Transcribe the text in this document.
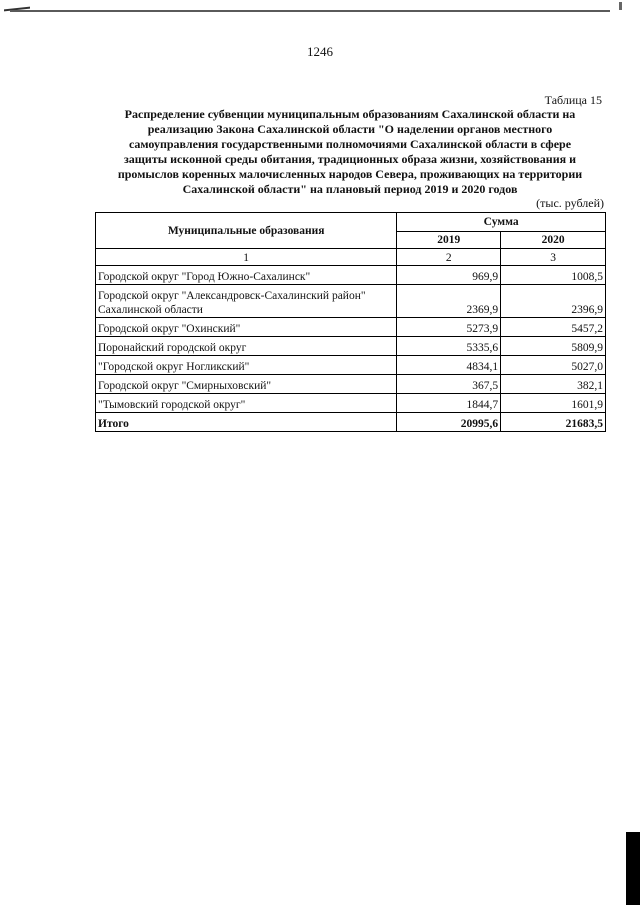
1246
Таблица 15
Распределение субвенции муниципальным образованиям Сахалинской области на
реализацию Закона Сахалинской области "О наделении органов местного
самоуправления государственными полномочиями Сахалинской области в сфере
защиты исконной среды обитания, традиционных образа жизни, хозяйствования и
промыслов коренных малочисленных народов Севера, проживающих на территории
Сахалинской области" на плановый период 2019 и 2020 годов
(тыс. рублей)
Муниципальные образования	Сумма	
	2019	2020
1	2	3
Городской округ "Город Южно-Сахалинск"	969,9	1008,5
Городской округ "Александровск-Сахалинский район" Сахалинской области	2369,9	2396,9
Городской округ "Охинский"	5273,9	5457,2
Поронайский городской округ	5335,6	5809,9
"Городской округ Ногликский"	4834,1	5027,0
Городской округ "Смирныховский"	367,5	382,1
"Тымовский городской округ"	1844,7	1601,9
Итого	20995,6	21683,5
